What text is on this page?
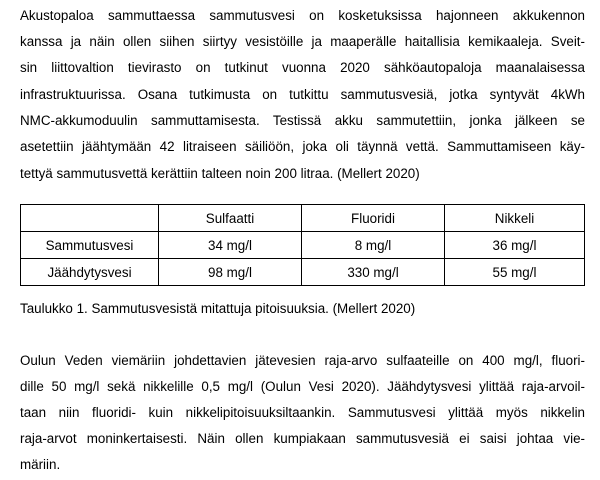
Akustopaloa sammuttaessa sammutusvesi on kosketuksissa hajonneen akkukennon
kanssa ja näin ollen siihen siirtyy vesistöille ja maaperälle haitallisia kemikaaleja. Sveit-
sin liittovaltion tievirasto on tutkinut vuonna 2020 sähköautopaloja maanalaisessa
infrastruktuurissa. Osana tutkimusta on tutkittu sammutusvesiä, jotka syntyvät 4kWh
NMC-akkumoduulin sammuttamisesta. Testissä akku sammutettiin, jonka jälkeen se
asetettiin jäähtymään 42 litraiseen säiliöön, joka oli täynnä vettä. Sammuttamiseen käy-
tettyä sammutusvettä kerättiin talteen noin 200 litraa. (Mellert 2020)
	Sulfaatti	Fluoridi	Nikkeli
Sammutusvesi	34 mg/l	8 mg/l	36 mg/l
Jäähdytysvesi	98 mg/l	330 mg/l	55 mg/l
Taulukko 1. Sammutusvesistä mitattuja pitoisuuksia. (Mellert 2020)
Oulun Veden viemäriin johdettavien jätevesien raja-arvo sulfaateille on 400 mg/l, fluori-
dille 50 mg/l sekä nikkelille 0,5 mg/l (Oulun Vesi 2020). Jäähdytysvesi ylittää raja-arvoil-
taan niin fluoridi- kuin nikkelipitoisuuksiltaankin. Sammutusvesi ylittää myös nikkelin
raja-arvot moninkertaisesti. Näin ollen kumpiakaan sammutusvesiä ei saisi johtaa vie-
märiin.
